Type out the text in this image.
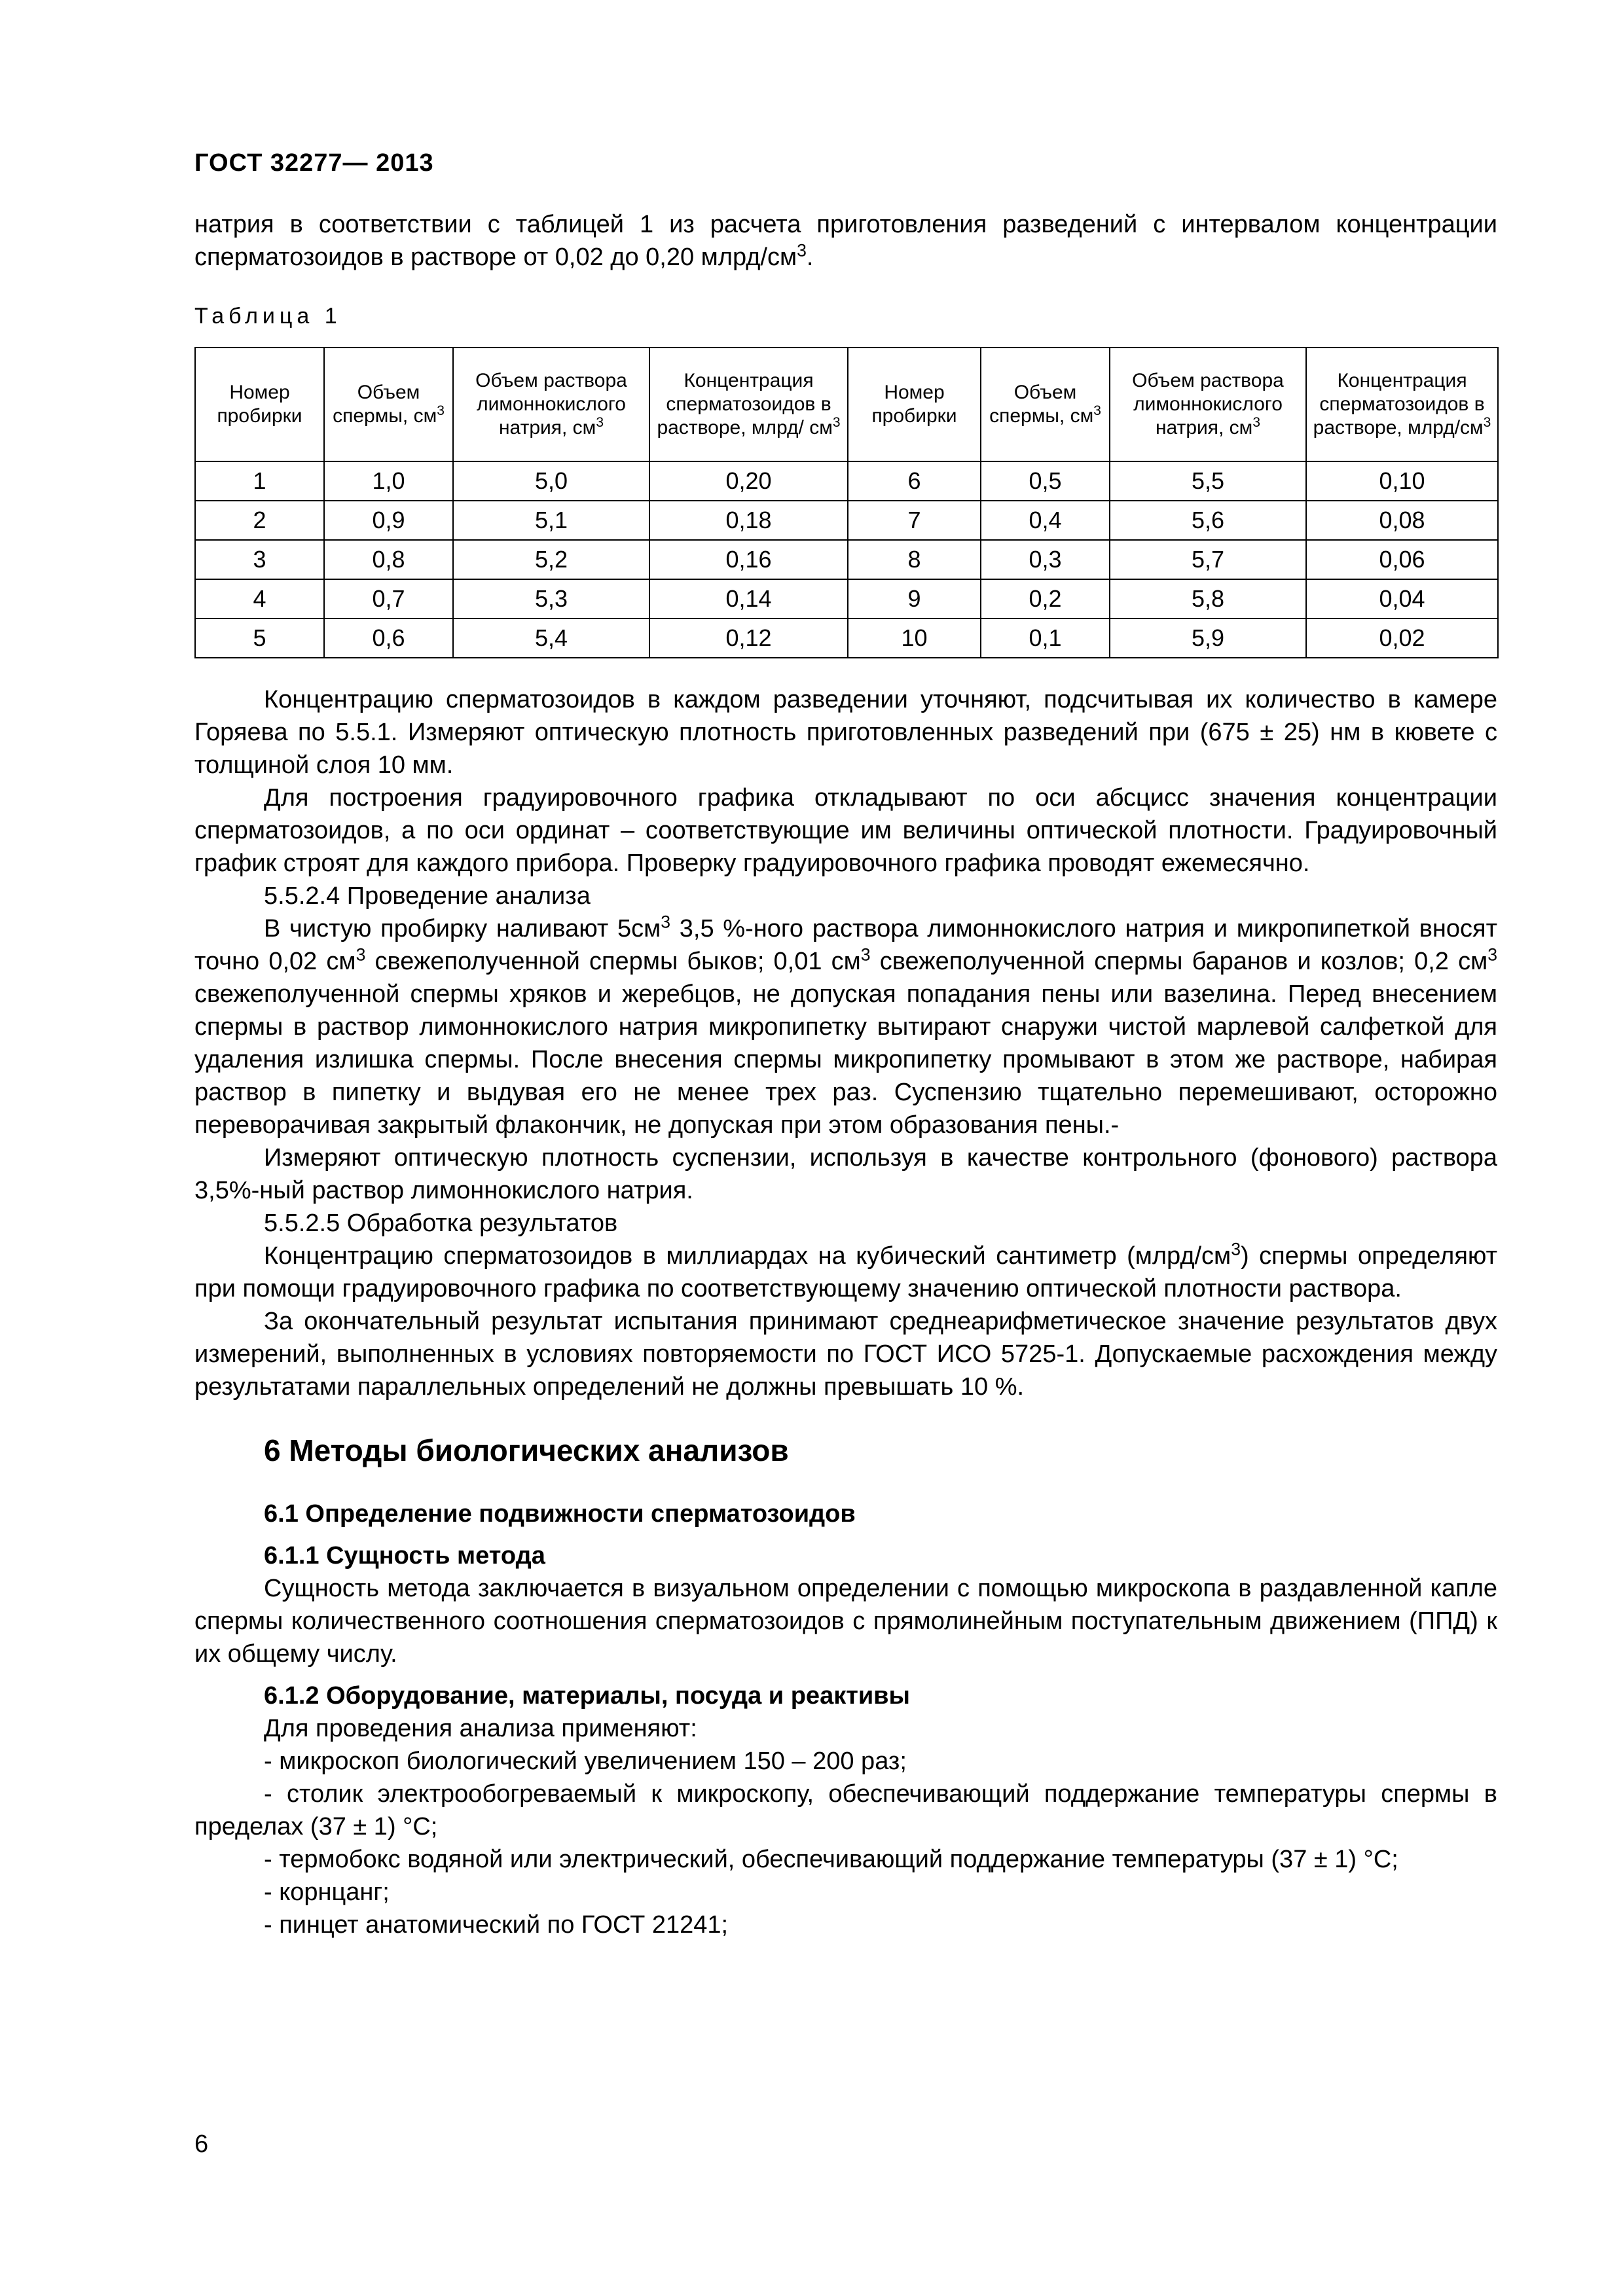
ГОСТ 32277— 2013

натрия в соответствии с таблицей 1 из расчета приготовления разведений с интервалом концентрации сперматозоидов в растворе от 0,02 до 0,20 млрд/$см^3$.

Таблица 1
Номер пробирки	Объем спермы, $см^3$	Объем раствора лимоннокислого натрия, $см^3$	Концентрация сперматозоидов в растворе, млрд/ $см^3$	Номер пробирки	Объем спермы, $см^3$	Объем раствора лимоннокислого натрия, $см^3$	Концентрация сперматозоидов в растворе, млрд/$см^3$
1	1,0	5,0	0,20	6	0,5	5,5	0,10
2	0,9	5,1	0,18	7	0,4	5,6	0,08
3	0,8	5,2	0,16	8	0,3	5,7	0,06
4	0,7	5,3	0,14	9	0,2	5,8	0,04
5	0,6	5,4	0,12	10	0,1	5,9	0,02

Концентрацию сперматозоидов в каждом разведении уточняют, подсчитывая их количество в камере Горяева по 5.5.1. Измеряют оптическую плотность приготовленных разведений при (675 ± 25) нм в кювете с толщиной слоя 10 мм.

Для построения градуировочного графика откладывают по оси абсцисс значения концентрации сперматозоидов, а по оси ординат – соответствующие им величины оптической плотности. Градуировочный график строят для каждого прибора. Проверку градуировочного графика проводят ежемесячно.

5.5.2.4 Проведение анализа

В чистую пробирку наливают $5см^3$ 3,5 %-ного раствора лимоннокислого натрия и микропипеткой вносят точно 0,02 $см^3$ свежеполученной спермы быков; 0,01 $см^3$ свежеполученной спермы баранов и козлов; 0,2 $см^3$ свежеполученной спермы хряков и жеребцов, не допуская попадания пены или вазелина. Перед внесением спермы в раствор лимоннокислого натрия микропипетку вытирают снаружи чистой марлевой салфеткой для удаления излишка спермы. После внесения спермы микропипетку промывают в этом же растворе, набирая раствор в пипетку и выдувая его не менее трех раз. Суспензию тщательно перемешивают, осторожно переворачивая закрытый флакончик, не допуская при этом образования пены.-

Измеряют оптическую плотность суспензии, используя в качестве контрольного (фонового) раствора 3,5%-ный раствор лимоннокислого натрия.

5.5.2.5 Обработка результатов

Концентрацию сперматозоидов в миллиардах на кубический сантиметр $(млрд/см^3)$ спермы определяют при помощи градуировочного графика по соответствующему значению оптической плотности раствора.

За окончательный результат испытания принимают среднеарифметическое значение результатов двух измерений, выполненных в условиях повторяемости по ГОСТ ИСО 5725-1. Допускаемые расхождения между результатами параллельных определений не должны превышать 10 %.

6 Методы биологических анализов
6.1 Определение подвижности сперматозоидов
6.1.1 Сущность метода

Сущность метода заключается в визуальном определении с помощью микроскопа в раздавленной капле спермы количественного соотношения сперматозоидов с прямолинейным поступательным движением (ППД) к их общему числу.

6.1.2 Оборудование, материалы, посуда и реактивы

Для проведения анализа применяют:

- микроскоп биологический увеличением 150 – 200 раз;

- столик электрообогреваемый к микроскопу, обеспечивающий поддержание температуры спермы в пределах (37 ± 1) °С;

- термобокс водяной или электрический, обеспечивающий поддержание температуры (37 ± 1) °С;

- корнцанг;

- пинцет анатомический по ГОСТ 21241;

6
